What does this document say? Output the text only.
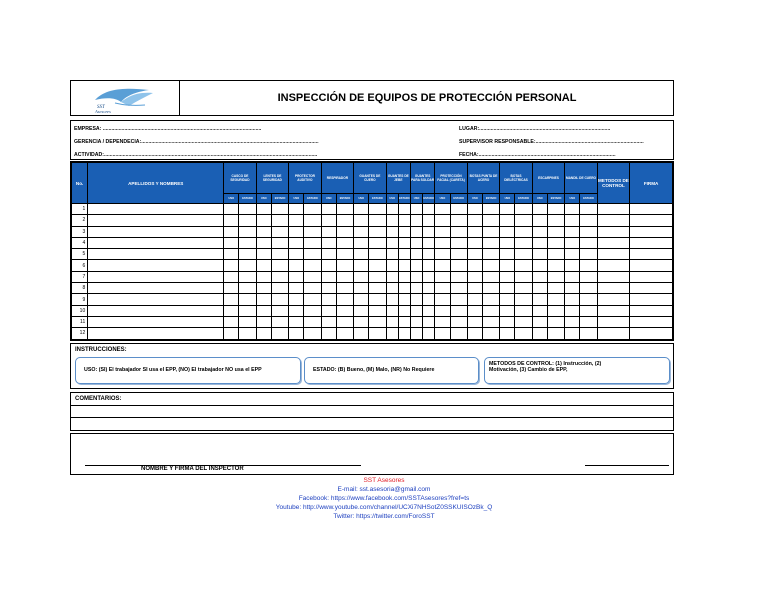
SST
Asesores
INSPECCIÓN DE EQUIPOS DE PROTECCIÓN PERSONAL
EMPRESA: ..............................................................................................................	LUGAR:...........................................................................................
GERENCIA / DEPENDECIA:...........................................................................................................................	SUPERVISOR RESPONSABLE:...........................................................................
ACTIVIDAD:....................................................................................................................................................	FECHA:...............................................................................................
No.	APELLIDOS Y NOMBRES	CASCO DE SEGURIDAD		LENTES DE SEGURIDAD		PROTECTOR AUDITIVO		RESPIRADOR		GUANTES DE CUERO		GUANTES DE JEBE		GUANTES PARA SOLDAR		PROTECCIÓN FACIAL (CARETA)		BOTAS PUNTA DE ACERO		BOTAS DIELÉCTRICAS		ESCARPINES		MANDIL DE CUERO		METODOS DE CONTROL	FIRMA
		USO	ESTADO	USO	ESTADO	USO	ESTADO	USO	ESTADO	USO	ESTADO	USO	ESTADO	USO	ESTADO	USO	ESTADO	USO	ESTADO	USO	ESTADO	USO	ESTADO	USO	ESTADO		
1																											
2																											
3																											
4																											
5																											
6																											
7																											
8																											
9																											
10																											
11																											
12																											
INSTRUCCIONES:
USO: (SI) El trabajador SI usa el EPP, (NO) El trabajador NO usa el EPP	ESTADO: (B) Bueno, (M) Malo, (NR) No Requiere
METODOS DE CONTROL: (1) Instrucción, (2)
Motivación, (3) Cambio de EPP,
COMENTARIOS:
NOMBRE Y FIRMA DEL INSPECTOR
SST Asesores
E-mail: sst.asesoria@gmail.com
Facebook: https://www.facebook.com/SSTAsesores?fref=ts
Youtube: http://www.youtube.com/channel/UCXi7NHSotZ0SSKUISOzBk_Q
Twitter: https://twitter.com/ForoSST
